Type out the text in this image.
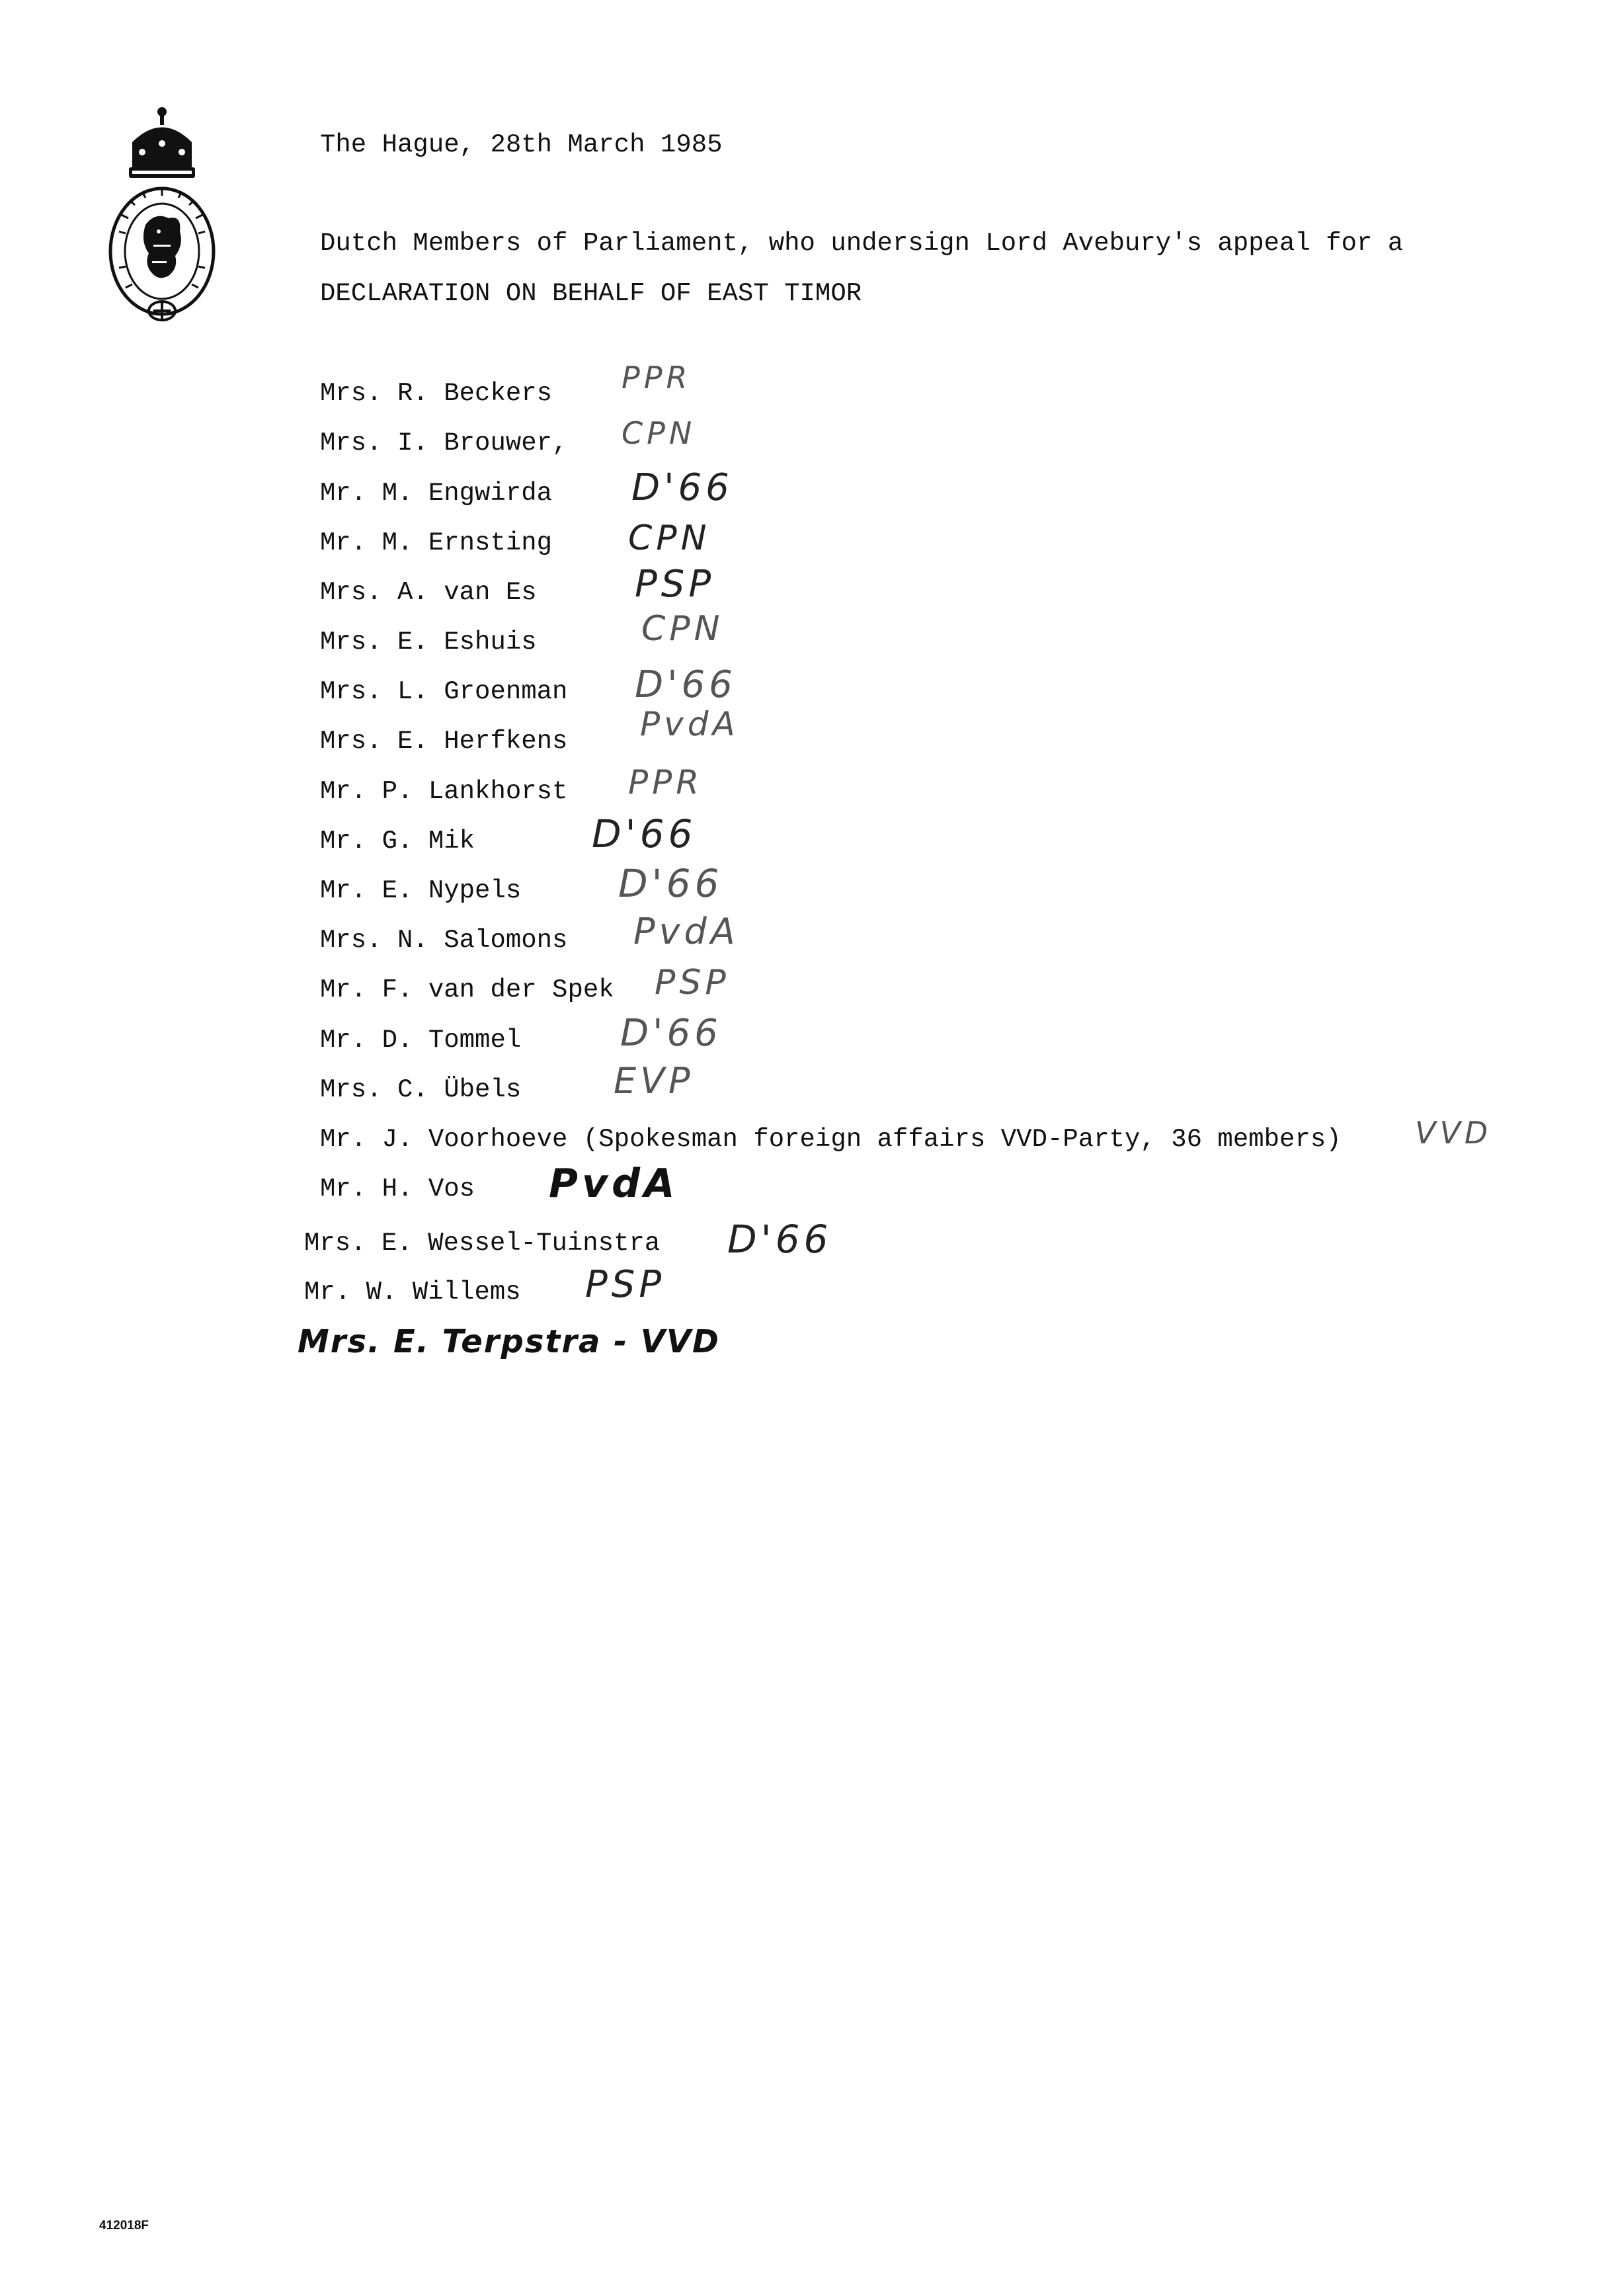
The Hague, 28th March 1985
Dutch Members of Parliament, who undersign Lord Avebury's appeal for a
DECLARATION ON BEHALF OF EAST TIMOR
Mrs. R. Beckers PPR
Mrs. I. Brouwer, CPN
Mr. M. Engwirda D'66
Mr. M. Ernsting CPN
Mrs. A. van Es	PSP
Mrs. E. Eshuis	CPN
Mrs. L. Groenman D'66
Mrs. E. Herfkens PvdA
Mr. P. Lankhorst PPR
Mr. G. Mik	D'66
Mr. E. Nypels	D'66
Mrs. N. Salomons PvdA
Mr. F. van der Spek PSP
Mr. D. Tommel	D'66
Mrs. C. Übels	EVP
Mr. J. Voorhoeve (Spokesman foreign affairs VVD-Party, 36 members) VVD
Mr. H. Vos PvdA
Mrs. E. Wessel-Tuinstra D'66
Mr. W. Willems PSP
Mrs. E. Terpstra - VVD
412018F
